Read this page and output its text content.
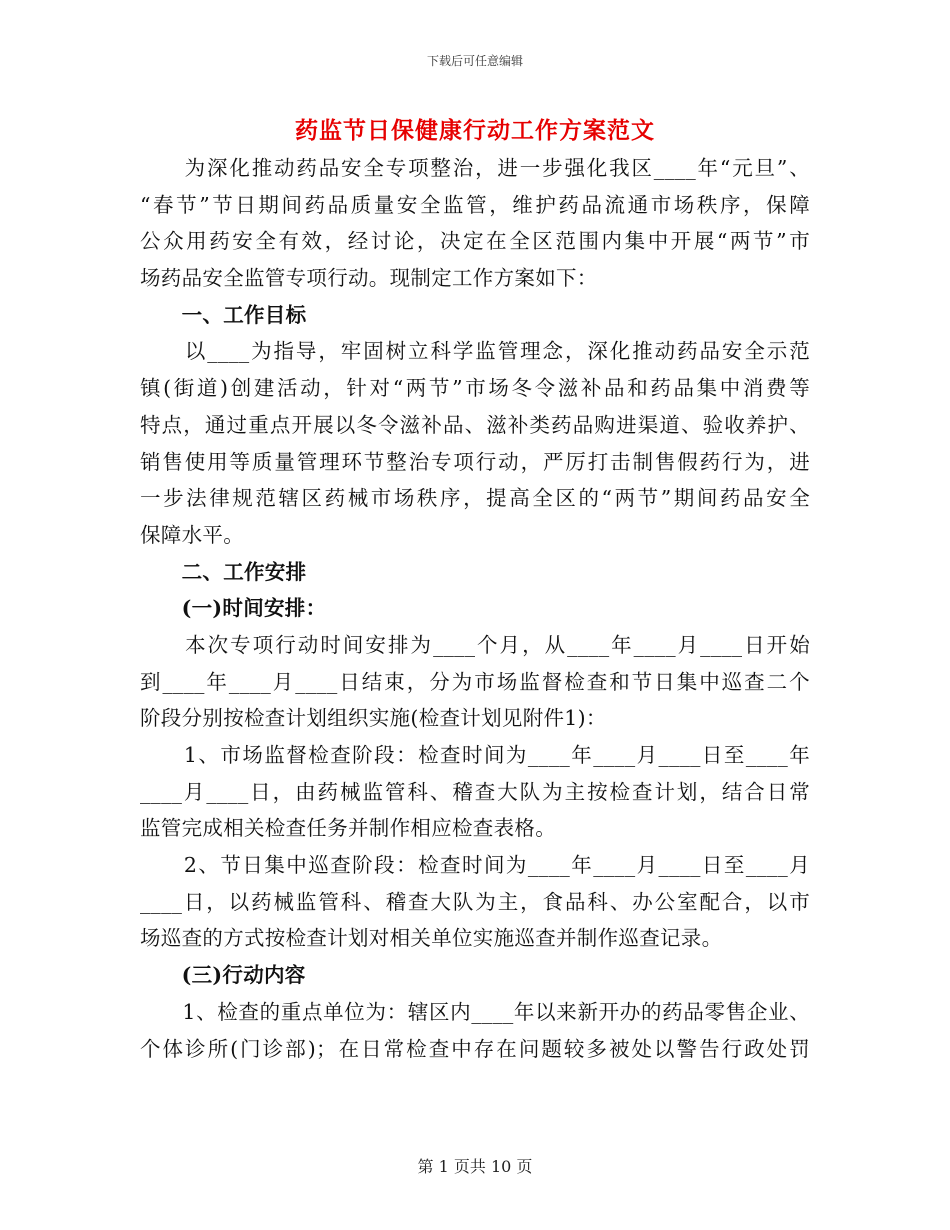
下载后可任意编辑
药监节日保健康行动工作方案范文
　　为深化推动药品安全专项整治，进一步强化我区____年“元旦”、
“春节”节日期间药品质量安全监管，维护药品流通市场秩序，保障
公众用药安全有效，经讨论，决定在全区范围内集中开展“两节”市
场药品安全监管专项行动。现制定工作方案如下：
　　一、工作目标
　　以____为指导，牢固树立科学监管理念，深化推动药品安全示范
镇(街道)创建活动，针对“两节”市场冬令滋补品和药品集中消费等
特点，通过重点开展以冬令滋补品、滋补类药品购进渠道、验收养护、
销售使用等质量管理环节整治专项行动，严厉打击制售假药行为，进
一步法律规范辖区药械市场秩序，提高全区的“两节”期间药品安全
保障水平。
　　二、工作安排
　　(一)时间安排：
　　本次专项行动时间安排为____个月，从____年____月____日开始
到____年____月____日结束，分为市场监督检查和节日集中巡查二个
阶段分别按检查计划组织实施(检查计划见附件1)：
　　1、市场监督检查阶段：检查时间为____年____月____日至____年
____月____日，由药械监管科、稽查大队为主按检查计划，结合日常
监管完成相关检查任务并制作相应检查表格。
　　2、节日集中巡查阶段：检查时间为____年____月____日至____月
____日，以药械监管科、稽查大队为主，食品科、办公室配合，以市
场巡查的方式按检查计划对相关单位实施巡查并制作巡查记录。
　　(三)行动内容
　　1、检查的重点单位为：辖区内____年以来新开办的药品零售企业、
个体诊所(门诊部)；在日常检查中存在问题较多被处以警告行政处罚
第 1 页共 10 页
